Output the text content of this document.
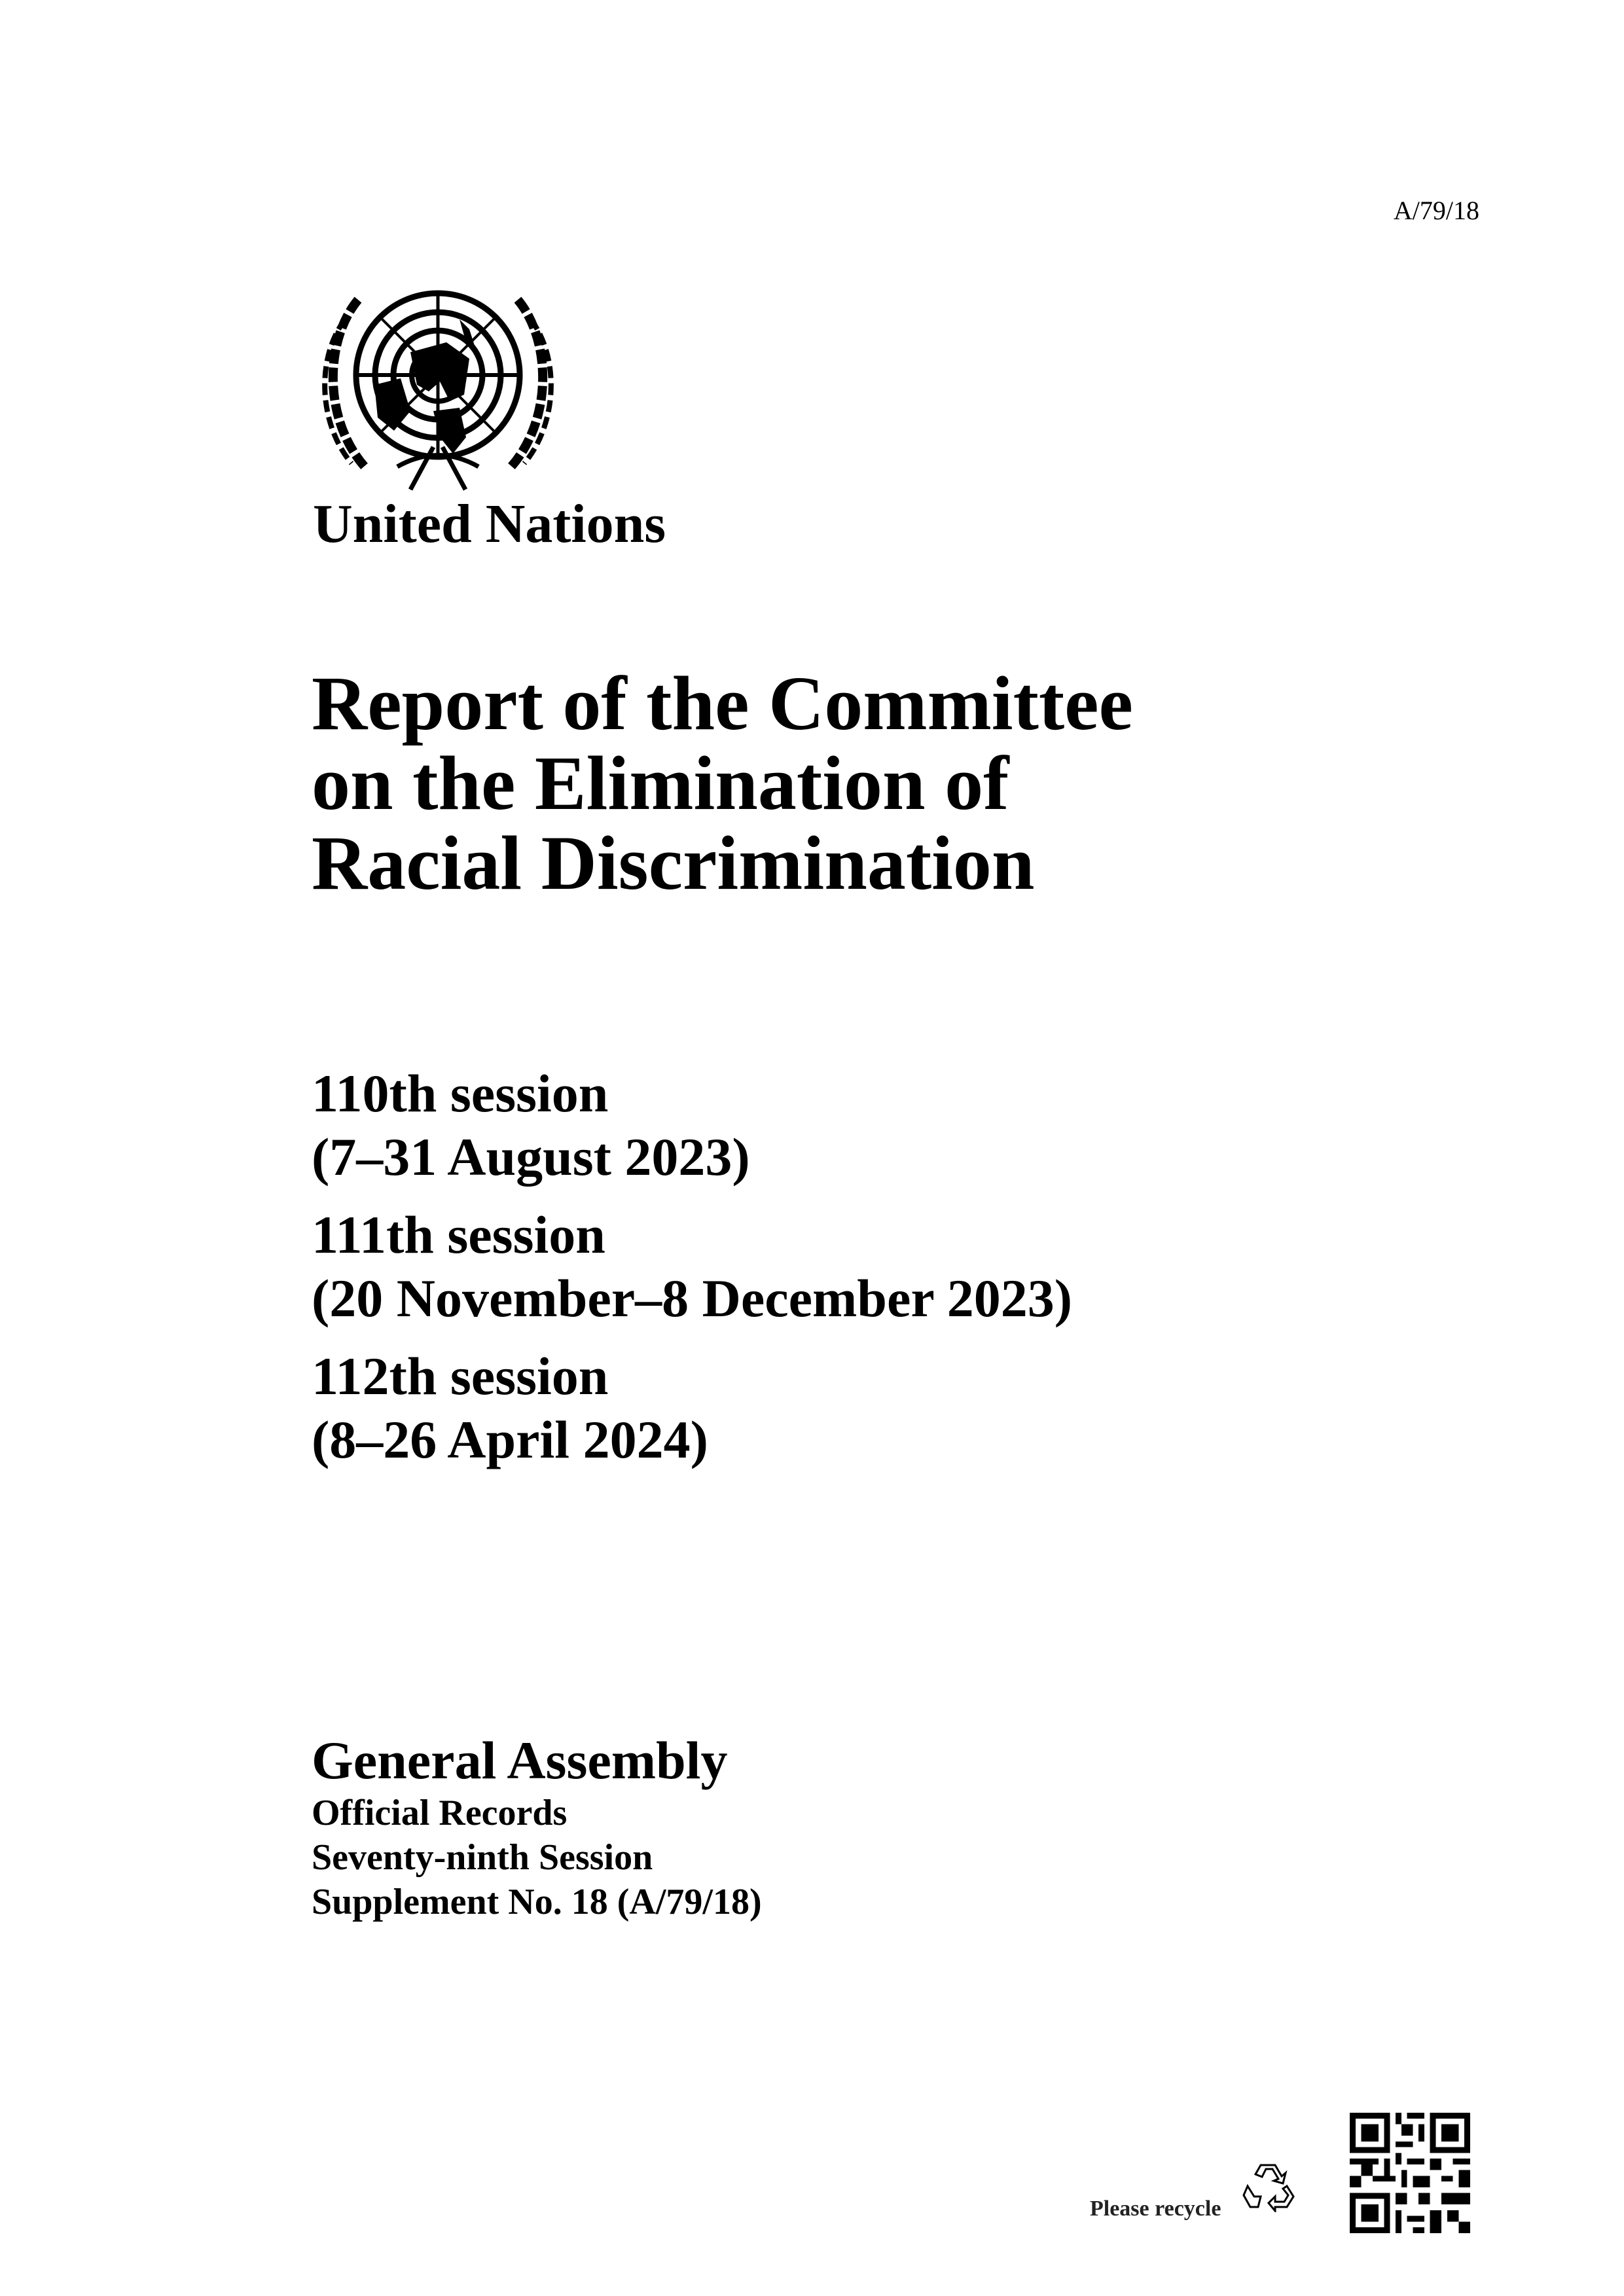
A/79/18
United Nations
Report of the Committee
on the Elimination of
Racial Discrimination
110th session
(7–31 August 2023)
111th session
(20 November–8 December 2023)
112th session
(8–26 April 2024)
General Assembly
Official Records
Seventy-ninth Session
Supplement No. 18 (A/79/18)
Please recycle
